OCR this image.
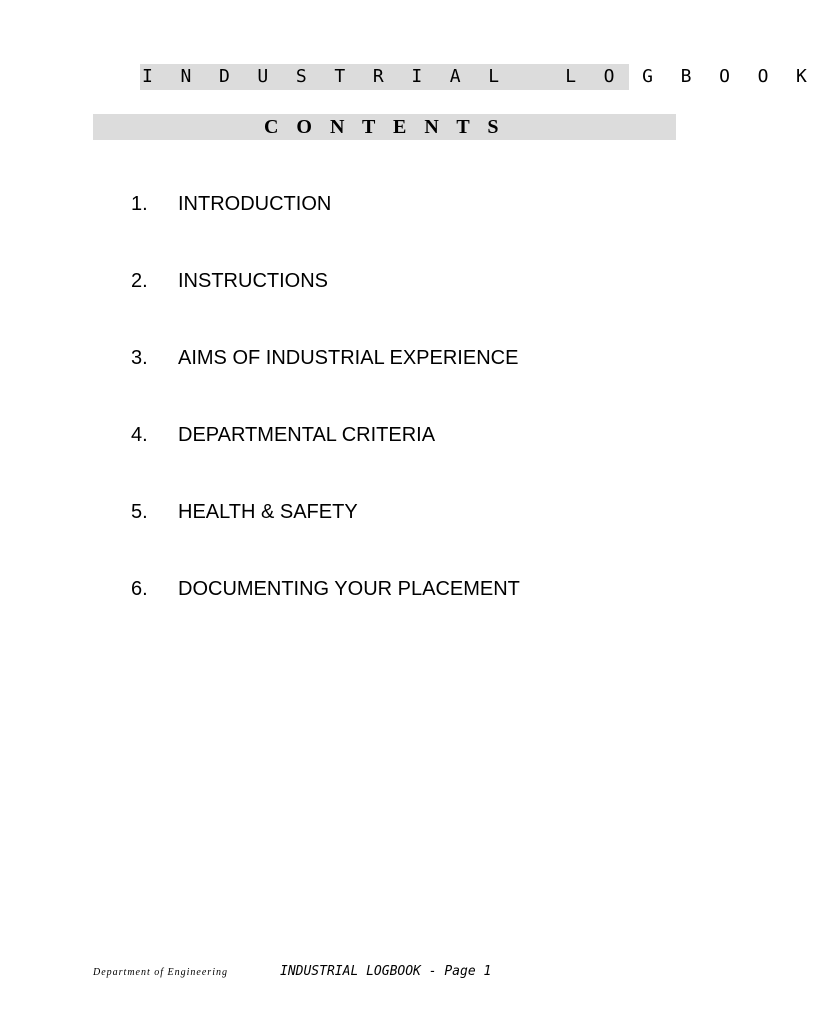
I N D U S T R I A L   L O G B O O K
C O N T E N T S
1.	INTRODUCTION
2.	INSTRUCTIONS
3.	AIMS OF INDUSTRIAL EXPERIENCE
4.	DEPARTMENTAL CRITERIA
5.	HEALTH & SAFETY
6.	DOCUMENTING YOUR PLACEMENT
Department of Engineering	INDUSTRIAL LOGBOOK - Page 1
